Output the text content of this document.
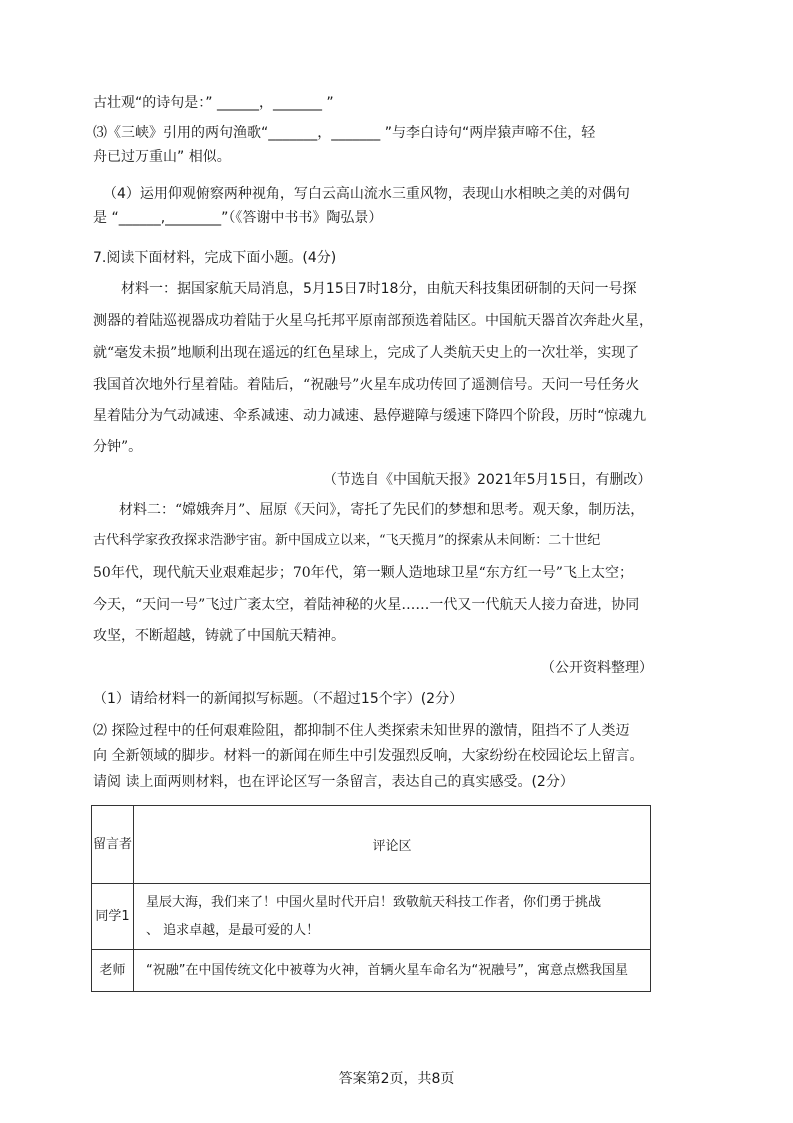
古壮观“的诗句是：” ______，_______ ”
⑶《三峡》引用的两句渔歌“_______，_______ ”与李白诗句“两岸猿声啼不住，轻
舟已过万重山” 相似。
（4）运用仰观俯察两种视角，写白云高山流水三重风物，表现山水相映之美的对偶句
是 “______,________”（《答谢中书书》陶弘景）
7.阅读下面材料，完成下面小题。(4分)
材料一：据国家航天局消息，5月15日7时18分，由航天科技集团研制的天问一号探
测器的着陆巡视器成功着陆于火星乌托邦平原南部预选着陆区。中国航天器首次奔赴火星，
就“毫发未损”地顺利出现在遥远的红色星球上，完成了人类航天史上的一次壮举，实现了
我国首次地外行星着陆。着陆后，“祝融号”火星车成功传回了遥测信号。天问一号任务火
星着陆分为气动减速、伞系减速、动力减速、悬停避障与缓速下降四个阶段，历时“惊魂九
分钟”。
（节选自《中国航天报》2021年5月15日，有删改）
材料二：“嫦娥奔月”、屈原《天问》，寄托了先民们的梦想和思考。观天象，制历法，
古代科学家孜孜探求浩渺宇宙。新中国成立以来，“飞天揽月”的探索从未间断：二十世纪
50年代，现代航天业艰难起步；70年代，第一颗人造地球卫星“东方红一号”飞上太空；
今天，“天问一号”飞过广袤太空，着陆神秘的火星……一代又一代航天人接力奋进，协同
攻坚，不断超越，铸就了中国航天精神。
（公开资料整理）
（1）请给材料一的新闻拟写标题。（不超过15个字）(2分）
⑵ 探险过程中的任何艰难险阻，都抑制不住人类探索未知世界的激情，阻挡不了人类迈
向 全新领域的脚步。材料一的新闻在师生中引发强烈反响，大家纷纷在校园论坛上留言。
请阅 读上面两则材料，也在评论区写一条留言，表达自己的真实感受。(2分）
留言者	评论区
同学1	星辰大海，我们来了！中国火星时代开启！致敬航天科技工作者，你们勇于挑战
、 追求卓越，是最可爱的人！

老师	“祝融”在中国传统文化中被尊为火神，首辆火星车命名为“祝融号”，寓意点燃我国星
答案第2页，共8页
